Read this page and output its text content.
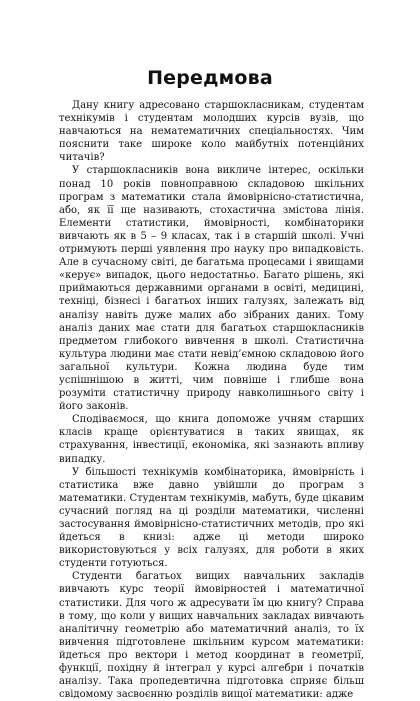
Передмова

Дану книгу адресовано старшокласникам, студентам технікумів і студентам молодших курсів вузів, що навчаються на нематематичних спеціальностях. Чим пояснити таке широке коло майбутніх потенційних читачів?

У старшокласників вона викличе інтерес, оскільки понад 10 років повноправною складовою шкільних програм з математики стала ймовірнісно-статистична, або, як її ще називають, стохастична змістова лінія. Елементи статистики, ймовірності, комбінаторики вивчають як в 5 – 9 класах, так і в старшій школі. Учні отримують перші уявлення про науку про випадковість. Але в сучасному світі, де багатьма процесами і явищами «керує» випадок, цього недостатньо. Багато рішень, які приймаються державними органами в освіті, медицині, техніці, бізнесі і багатьох інших галузях, залежать від аналізу навіть дуже малих або зібраних даних. Тому аналіз даних має стати для багатьох старшокласників предметом глибокого вивчення в школі. Статистична культура людини має стати невід’ємною складовою його загальної культури. Кожна людина буде тим успішнішою в житті, чим повніше і глибше вона розуміти статистичну природу навколишнього світу і його законів.

Сподіваємося, що книга допоможе учням старших класів краще орієнтуватися в таких явищах, як страхування, інвестиції, економіка, які зазнають впливу випадку.

У більшості технікумів комбінаторика, ймовірність і статистика вже давно увійшли до програм з математики. Студентам технікумів, мабуть, буде цікавим сучасний погляд на ці розділи математики, численні застосування ймовірнісно-статистичних методів, про які йдеться в книзі: адже ці методи широко використовуються у всіх галузях, для роботи в яких студенти готуються.

Студенти багатьох вищих навчальних закладів вивчають курс теорії ймовірностей і математичної статистики. Для чого ж адресувати їм цю книгу? Справа в тому, що коли у вищих навчальних закладах вивчають аналітичну геометрію або математичний аналіз, то їх вивчення підготовлене шкільним курсом математики: йдеться про вектори і метод координат в геометрії, функції, похідну й інтеграл у курсі алгебри і початків аналізу. Така пропедевтична підготовка сприяє більш свідомому засвоєнню розділів вищої математики: адже
